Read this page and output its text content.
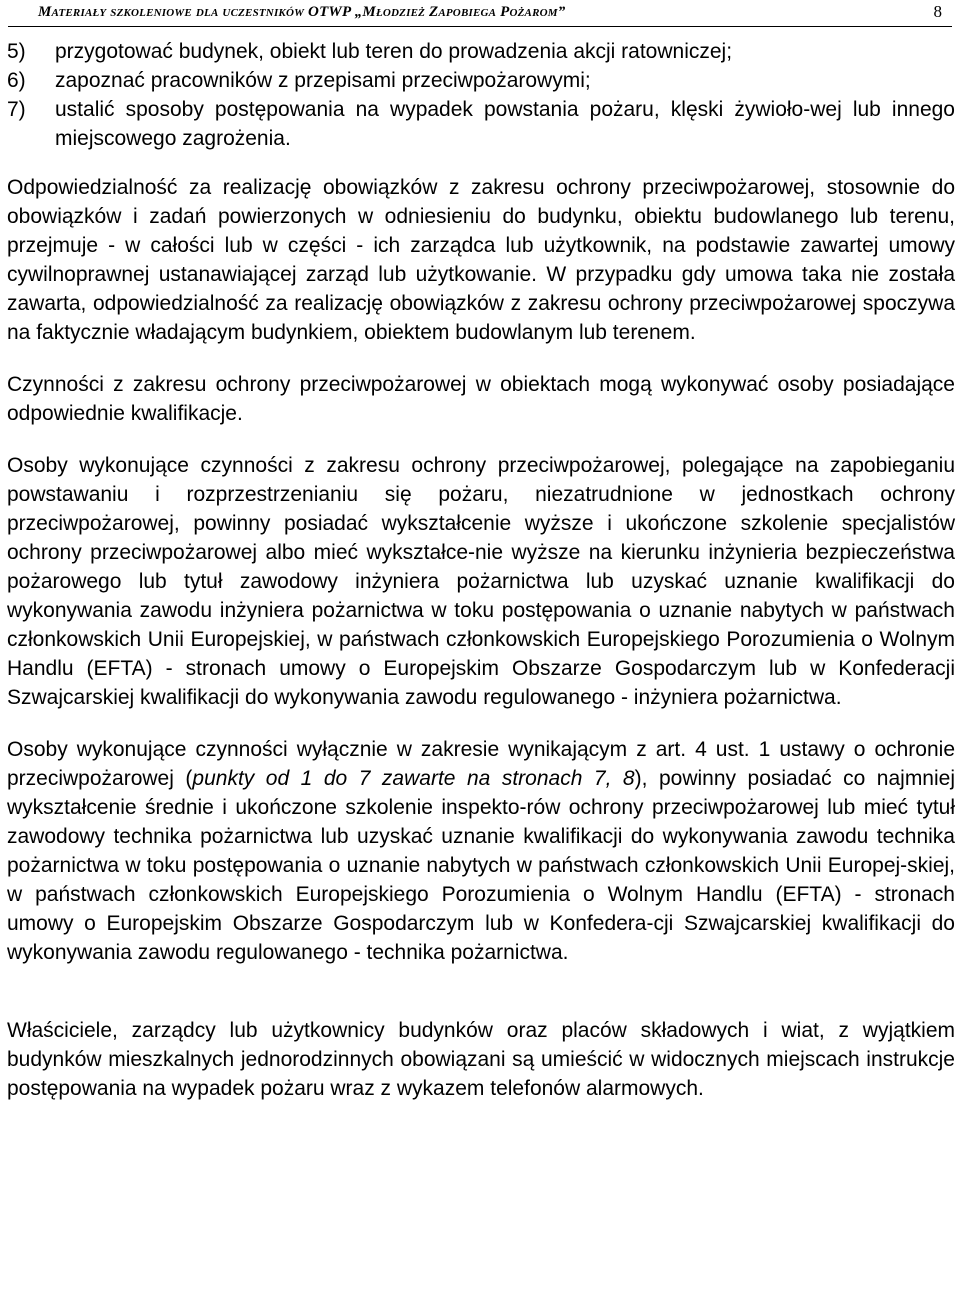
Materiały szkoleniowe dla uczestników OTWP „Młodzież Zapobiega Pożarom”	8
5)	przygotować budynek, obiekt lub teren do prowadzenia akcji ratowniczej;
6)	zapoznać pracowników z przepisami przeciwpożarowymi;
7)	ustalić sposoby postępowania na wypadek powstania pożaru, klęski żywioło-wej lub innego miejscowego zagrożenia.

Odpowiedzialność za realizację obowiązków z zakresu ochrony przeciwpożarowej, stosownie do obowiązków i zadań powierzonych w odniesieniu do budynku, obiektu budowlanego lub terenu, przejmuje - w całości lub w części - ich zarządca lub użytkownik, na podstawie zawartej umowy cywilnoprawnej ustanawiającej zarząd lub użytkowanie. W przypadku gdy umowa taka nie została zawarta, odpowiedzialność za realizację obowiązków z zakresu ochrony przeciwpożarowej spoczywa na faktycznie władającym budynkiem, obiektem budowlanym lub terenem.

Czynności z zakresu ochrony przeciwpożarowej w obiektach mogą wykonywać osoby posiadające odpowiednie kwalifikacje.

Osoby wykonujące czynności z zakresu ochrony przeciwpożarowej, polegające na zapobieganiu powstawaniu i rozprzestrzenianiu się pożaru, niezatrudnione w jednostkach ochrony przeciwpożarowej, powinny posiadać wykształcenie wyższe i ukończone szkolenie specjalistów ochrony przeciwpożarowej albo mieć wykształce-nie wyższe na kierunku inżynieria bezpieczeństwa pożarowego lub tytuł zawodowy inżyniera pożarnictwa lub uzyskać uznanie kwalifikacji do wykonywania zawodu inżyniera pożarnictwa w toku postępowania o uznanie nabytych w państwach członkowskich Unii Europejskiej, w państwach członkowskich Europejskiego Porozumienia o Wolnym Handlu (EFTA) - stronach umowy o Europejskim Obszarze Gospodarczym lub w Konfederacji Szwajcarskiej kwalifikacji do wykonywania zawodu regulowanego - inżyniera pożarnictwa.

Osoby wykonujące czynności wyłącznie w zakresie wynikającym z art. 4 ust. 1 ustawy o ochronie przeciwpożarowej (punkty od 1 do 7 zawarte na stronach 7, 8), powinny posiadać co najmniej wykształcenie średnie i ukończone szkolenie inspekto-rów ochrony przeciwpożarowej lub mieć tytuł zawodowy technika pożarnictwa lub uzyskać uznanie kwalifikacji do wykonywania zawodu technika pożarnictwa w toku postępowania o uznanie nabytych w państwach członkowskich Unii Europej-skiej, w państwach członkowskich Europejskiego Porozumienia o Wolnym Handlu (EFTA) - stronach umowy o Europejskim Obszarze Gospodarczym lub w Konfedera-cji Szwajcarskiej kwalifikacji do wykonywania zawodu regulowanego - technika pożarnictwa.

Właściciele, zarządcy lub użytkownicy budynków oraz placów składowych i wiat, z wyjątkiem budynków mieszkalnych jednorodzinnych obowiązani są umieścić w widocznych miejscach instrukcje postępowania na wypadek pożaru wraz z wykazem telefonów alarmowych.
